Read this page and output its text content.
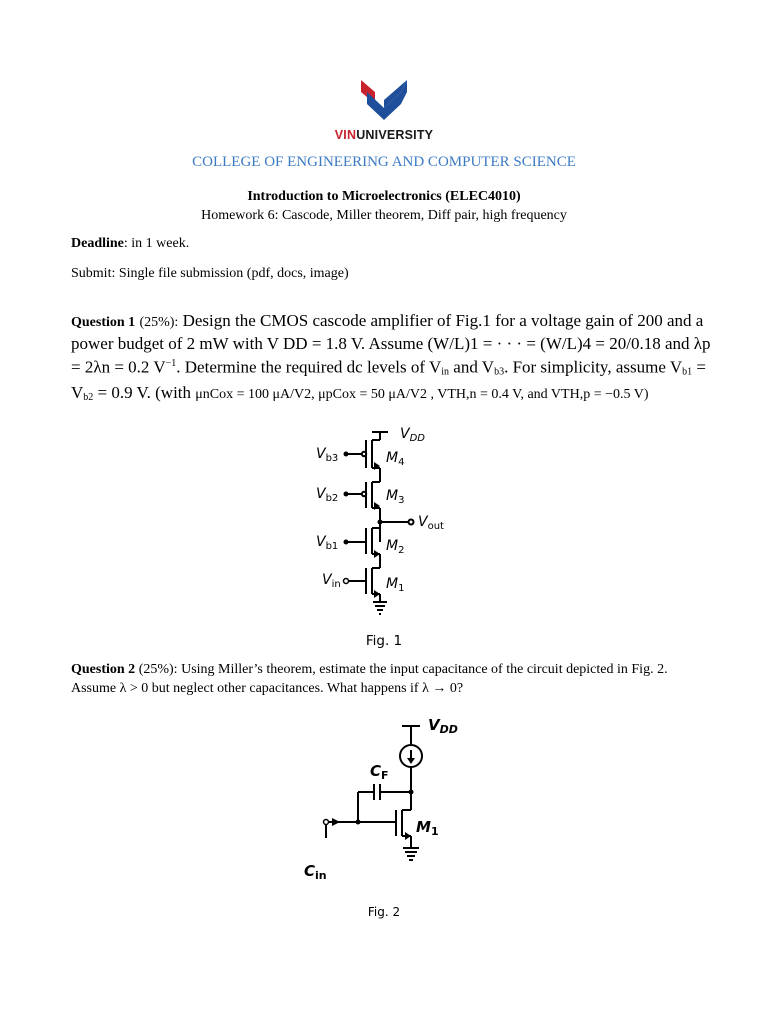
VINUNIVERSITY
COLLEGE OF ENGINEERING AND COMPUTER SCIENCE
Introduction to Microelectronics (ELEC4010)
Homework 6: Cascode, Miller theorem, Diff pair, high frequency
Deadline: in 1 week.
Submit: Single file submission (pdf, docs, image)
Question 1 (25%): Design the CMOS cascode amplifier of Fig.1 for a voltage gain of 200 and a power budget of 2 mW with V DD = 1.8 V. Assume (W/L)1 = · · · = (W/L)4 = 20/0.18 and λp = 2λn = 0.2 $V^{-1}$. Determine the required dc levels of $V_{in}$ and $V_{b3}$. For simplicity, assume $V_{b1} = V_{b2} = 0.9$ V. (with μnCox = 100 μA/V2, μpCox = 50 μA/V2 , VTH,n = 0.4 V, and VTH,p = −0.5 V)
$V_{DD}$
$V_{b3}$	$M_4$
$V_{b2}$	$M_3$
$V_{out}$
$V_{b1}$	$M_2$
$V_{in}$	$M_1$
Fig. 1
Question 2 (25%): Using Miller’s theorem, estimate the input capacitance of the circuit depicted in Fig. 2. Assume λ > 0 but neglect other capacitances. What happens if λ → 0?
$V_{DD}$
$C_F$
$M_1$
$C_{in}$
Fig. 2
